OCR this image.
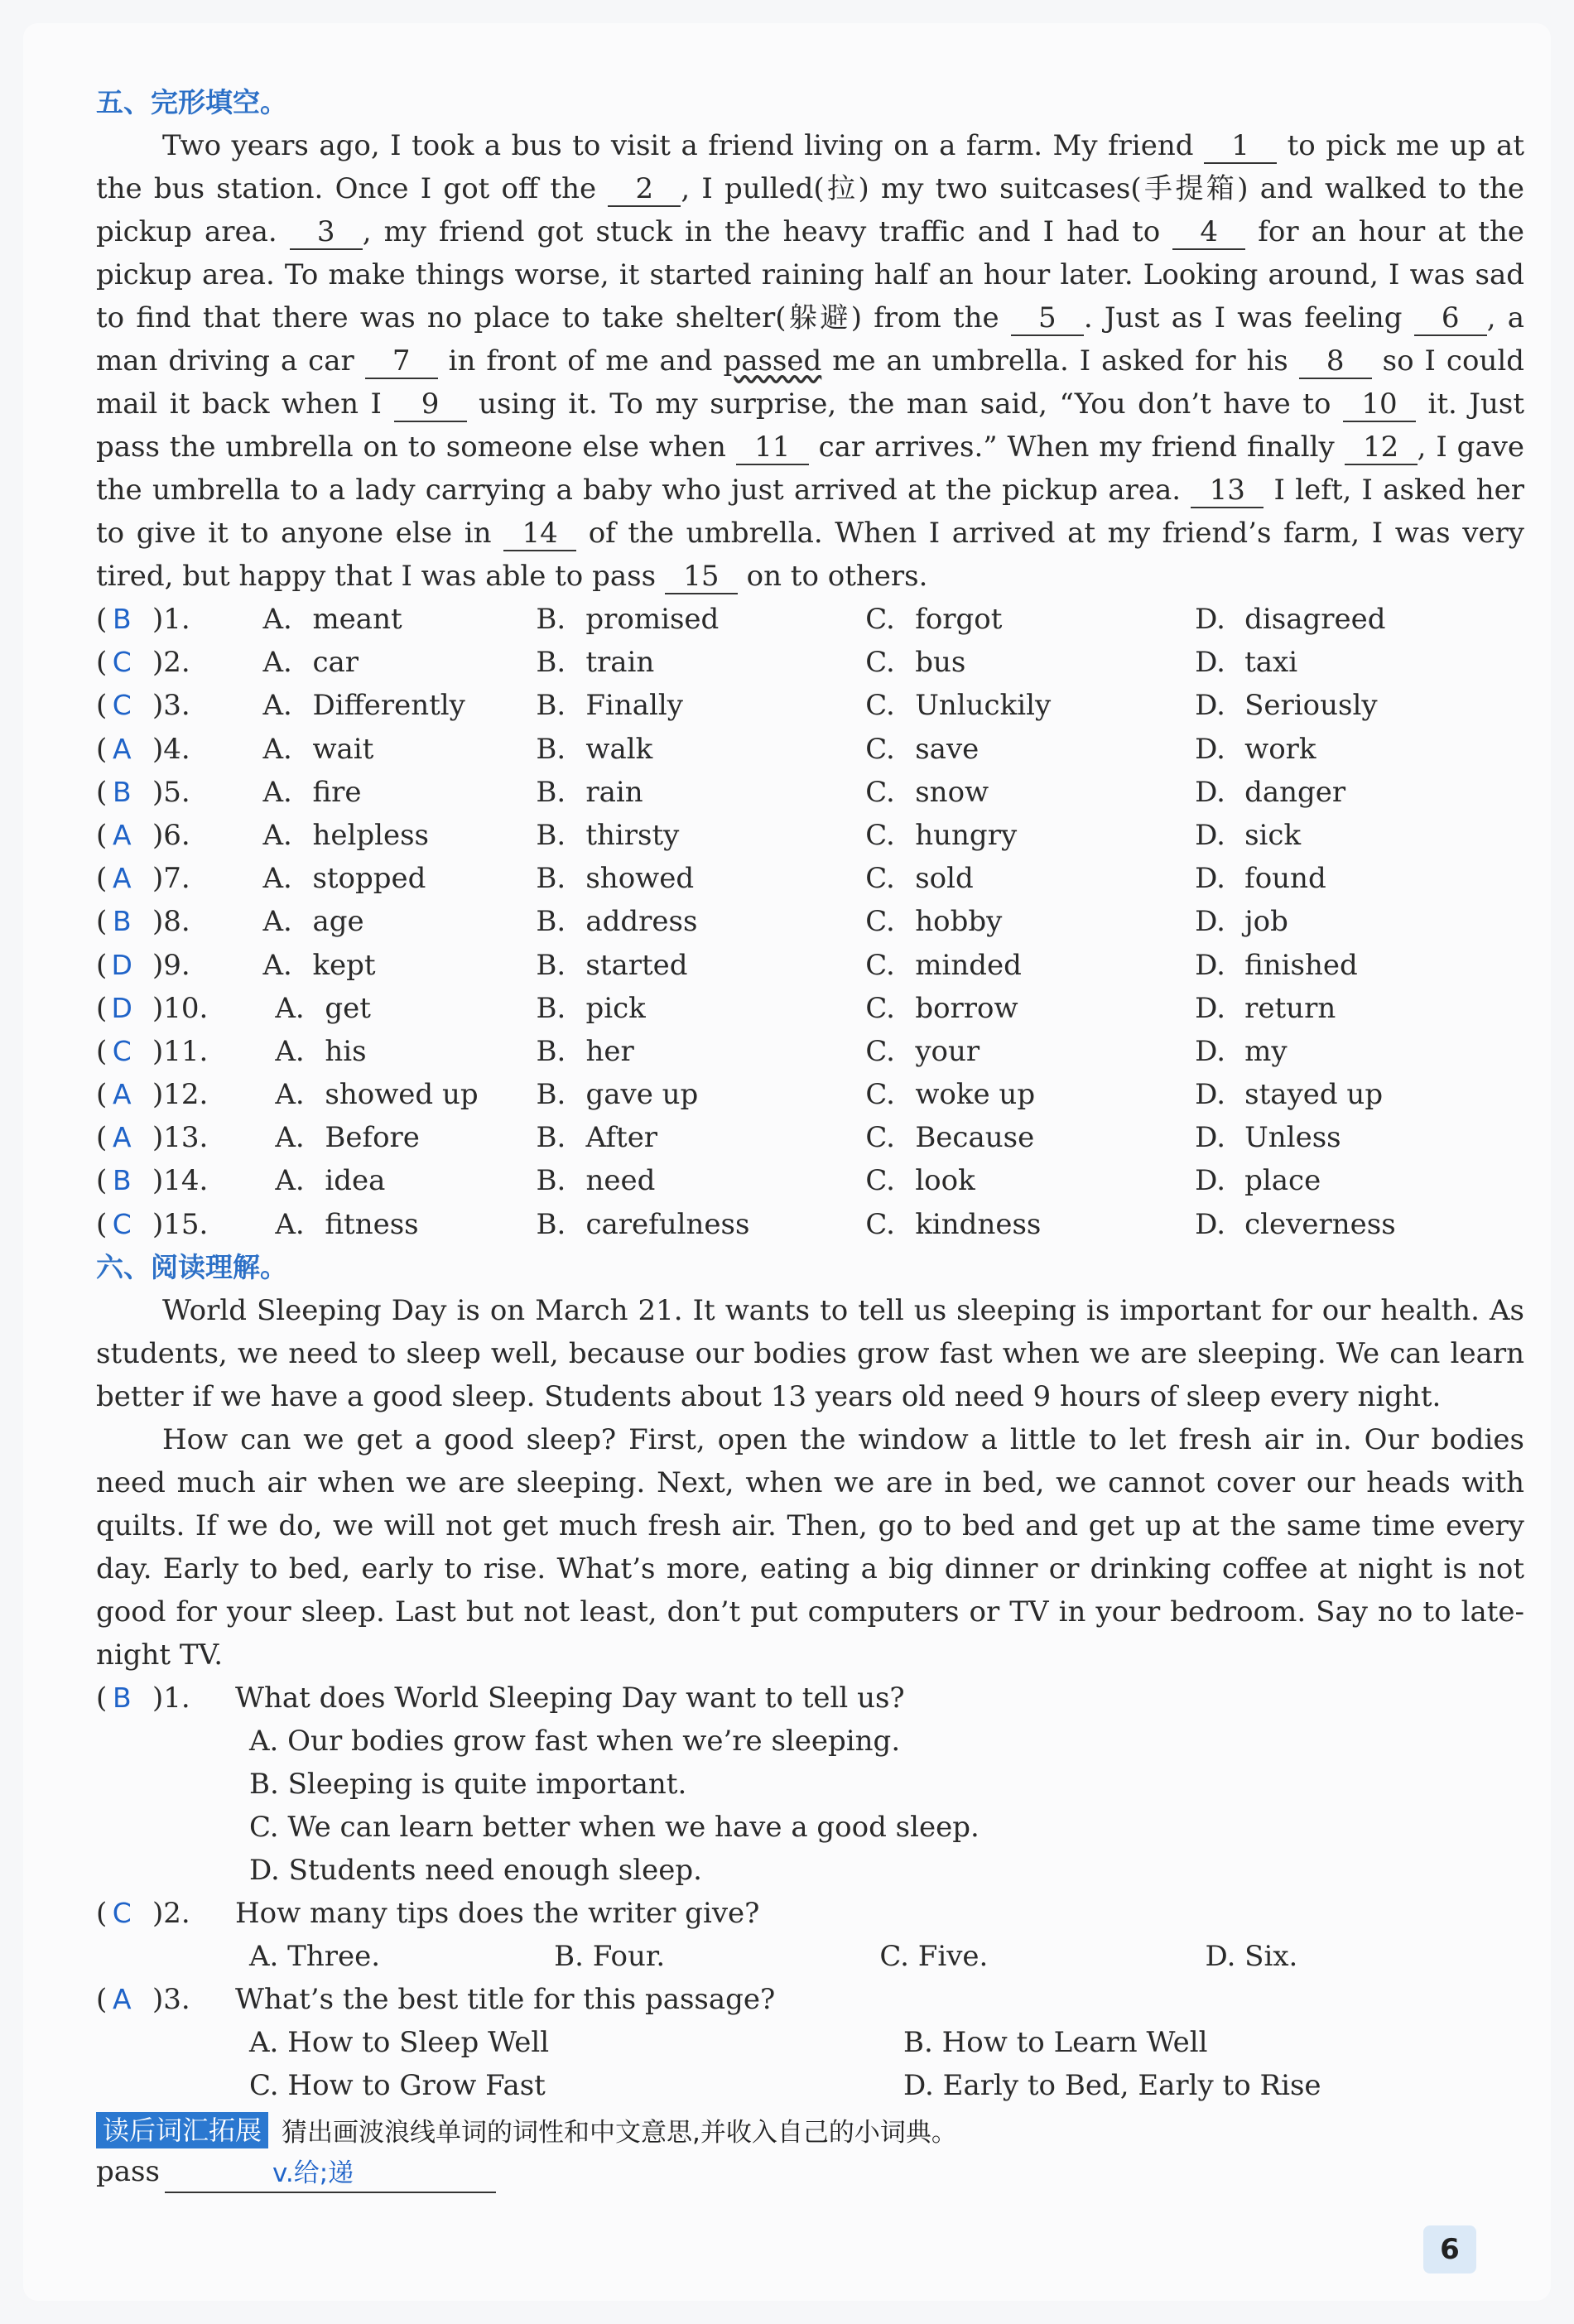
五、完形填空。

Two years ago, I took a bus to visit a friend living on a farm. My friend 1 to pick me up at the bus station. Once I got off the 2 , I pulled(拉) my two suitcases(手提箱) and walked to the pickup area. 3 , my friend got stuck in the heavy traffic and I had to 4 for an hour at the pickup area. To make things worse, it started raining half an hour later. Looking around, I was sad to find that there was no place to take shelter(躲避) from the 5 . Just as I was feeling 6 , a man driving a car 7 in front of me and passed me an umbrella. I asked for his 8 so I could mail it back when I 9 using it. To my surprise, the man said, “You don’t have to 10 it. Just pass the umbrella on to someone else when 11 car arrives.” When my friend finally 12 , I gave the umbrella to a lady carrying a baby who just arrived at the pickup area. 13 I left, I asked her to give it to anyone else in 14 of the umbrella. When I arrived at my friend’s farm, I was very tired, but happy that I was able to pass 15 on to others.

( B )1.	A. meant	B. promised	C. forgot	D. disagreed
( C )2.	A. car	B. train	C. bus	D. taxi
( C )3.	A. Differently	B. Finally	C. Unluckily	D. Seriously
( A )4.	A. wait	B. walk	C. save	D. work
( B )5.	A. fire	B. rain	C. snow	D. danger
( A )6.	A. helpless	B. thirsty	C. hungry	D. sick
( A )7.	A. stopped	B. showed	C. sold	D. found
( B )8.	A. age	B. address	C. hobby	D. job
( D )9.	A. kept	B. started	C. minded	D. finished
( D )10. A. get	B. pick	C. borrow	D. return
( C )11. A. his	B. her	C. your	D. my
( A )12. A. showed up	B. gave up	C. woke up	D. stayed up
( A )13. A. Before	B. After	C. Because	D. Unless
( B )14. A. idea	B. need	C. look	D. place
( C )15. A. fitness	B. carefulness	C. kindness	D. cleverness
六、阅读理解。

World Sleeping Day is on March 21. It wants to tell us sleeping is important for our health. As students, we need to sleep well, because our bodies grow fast when we are sleeping. We can learn better if we have a good sleep. Students about 13 years old need 9 hours of sleep every night.

How can we get a good sleep? First, open the window a little to let fresh air in. Our bodies need much air when we are sleeping. Next, when we are in bed, we cannot cover our heads with quilts. If we do, we will not get much fresh air. Then, go to bed and get up at the same time every day. Early to bed, early to rise. What’s more, eating a big dinner or drinking coffee at night is not good for your sleep. Last but not least, don’t put computers or TV in your bedroom. Say no to late-night TV.

( B )1.	What does World Sleeping Day want to tell us?
A. Our bodies grow fast when we’re sleeping.
B. Sleeping is quite important.
C. We can learn better when we have a good sleep.
D. Students need enough sleep.
( C )2.	How many tips does the writer give?
A. Three.	B. Four.	C. Five.	D. Six.
( A )3.	What’s the best title for this passage?
A. How to Sleep Well	B. How to Learn Well
C. How to Grow Fast	D. Early to Bed, Early to Rise
读后词汇拓展 猜出画波浪线单词的词性和中文意思,并收入自己的小词典。
pass	v.给;递
6
